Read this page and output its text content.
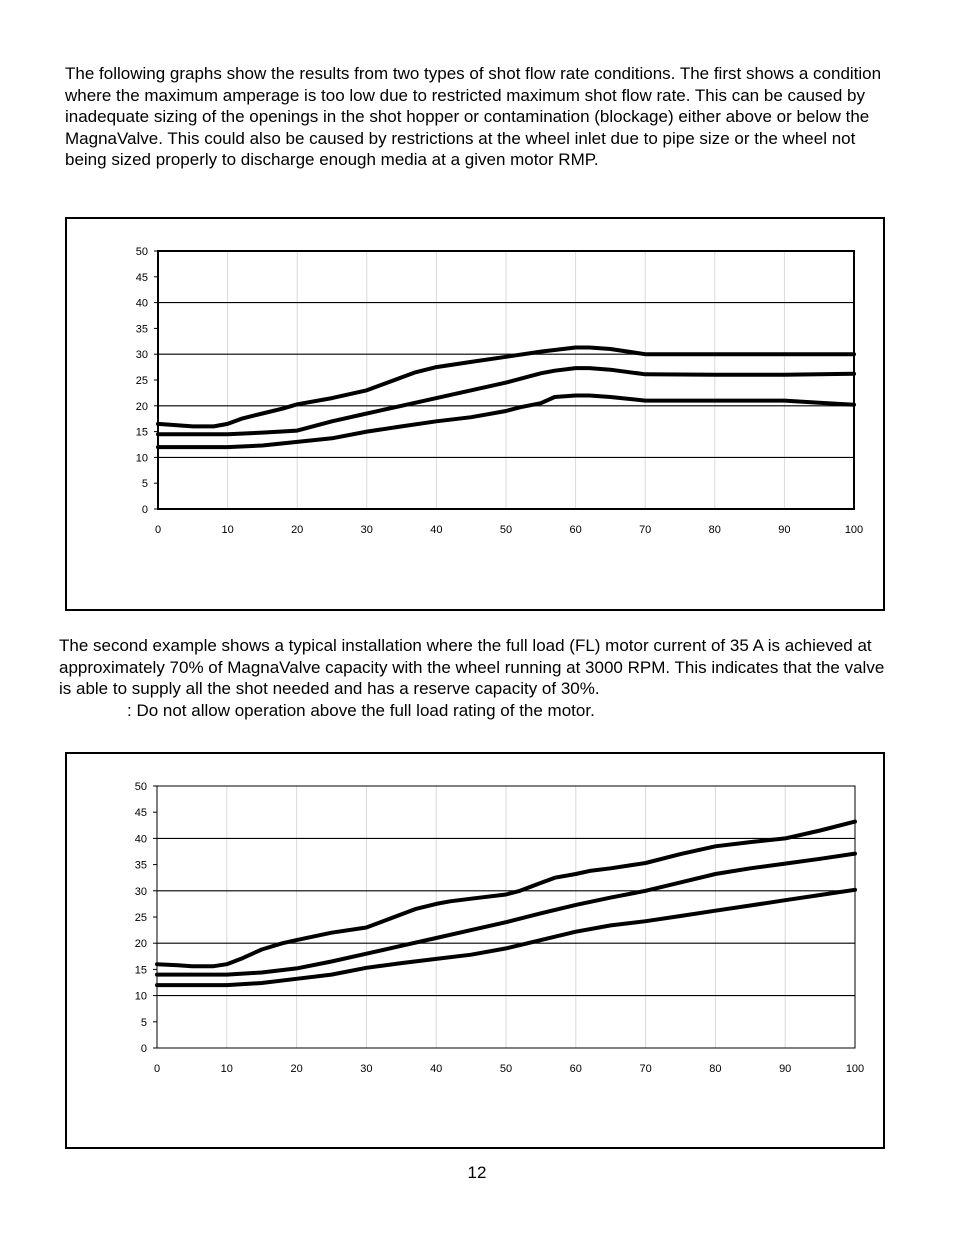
The following graphs show the results from two types of shot flow rate conditions. The first shows a condition where the maximum amperage is too low due to restricted maximum shot flow rate. This can be caused by inadequate sizing of the openings in the shot hopper or contamination (blockage) either above or below the MagnaValve. This could also be caused by restrictions at the wheel inlet due to pipe size or the wheel not being sized properly to discharge enough media at a given motor RMP.

0
5
10
15
20
25
30
35
40
45
50
0	10	20	30	40	50	60	70	80	90	100

The second example shows a typical installation where the full load (FL) motor current of 35 A is achieved at approximately 70% of MagnaValve capacity with the wheel running at 3000 RPM. This indicates that the valve is able to supply all the shot needed and has a reserve capacity of 30%.
: Do not allow operation above the full load rating of the motor.

0
5
10
15
20
25
30
35
40
45
50
0	10	20	30	40	50	60	70	80	90	100
12
